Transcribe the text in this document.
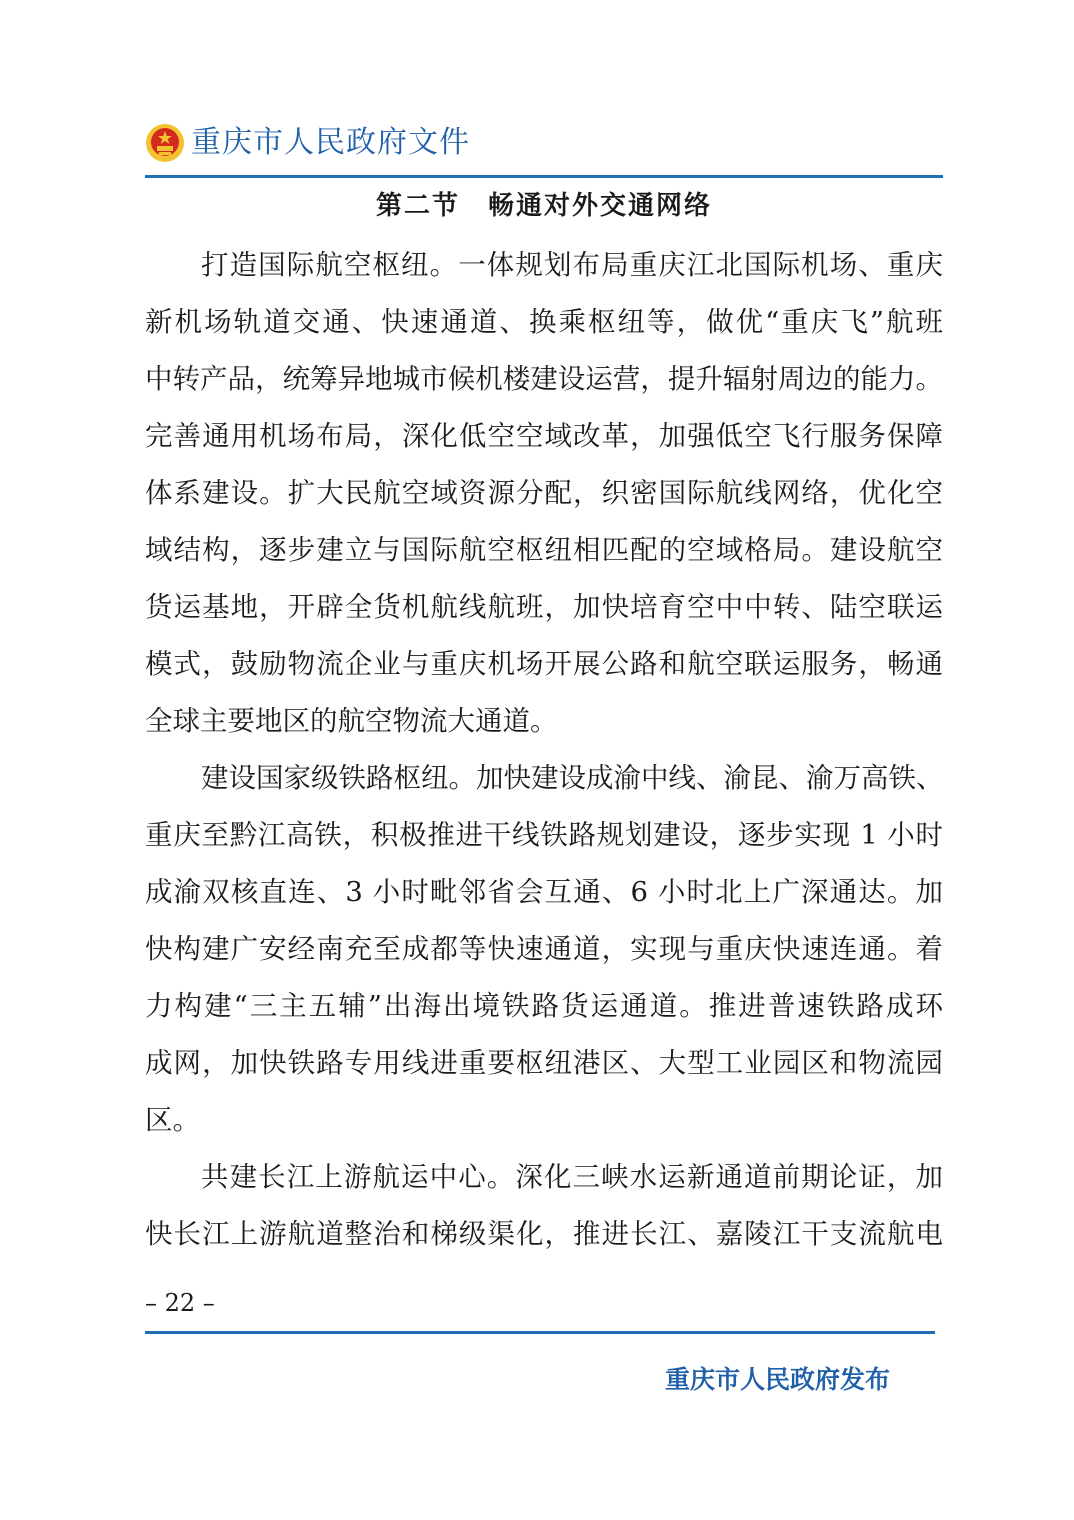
重庆市人民政府文件
第二节　畅通对外交通网络
打造国际航空枢纽。一体规划布局重庆江北国际机场、重庆
新机场轨道交通、快速通道、换乘枢纽等，做优“重庆飞”航班
中转产品，统筹异地城市候机楼建设运营，提升辐射周边的能力。
完善通用机场布局，深化低空空域改革，加强低空飞行服务保障
体系建设。扩大民航空域资源分配，织密国际航线网络，优化空
域结构，逐步建立与国际航空枢纽相匹配的空域格局。建设航空
货运基地，开辟全货机航线航班，加快培育空中中转、陆空联运
模式，鼓励物流企业与重庆机场开展公路和航空联运服务，畅通
全球主要地区的航空物流大通道。
建设国家级铁路枢纽。加快建设成渝中线、渝昆、渝万高铁、
重庆至黔江高铁，积极推进干线铁路规划建设，逐步实现 1 小时
成渝双核直连、3 小时毗邻省会互通、6 小时北上广深通达。加
快构建广安经南充至成都等快速通道，实现与重庆快速连通。着
力构建“三主五辅”出海出境铁路货运通道。推进普速铁路成环
成网，加快铁路专用线进重要枢纽港区、大型工业园区和物流园
区。
共建长江上游航运中心。深化三峡水运新通道前期论证，加
快长江上游航道整治和梯级渠化，推进长江、嘉陵江干支流航电
– 22 –
重庆市人民政府发布
